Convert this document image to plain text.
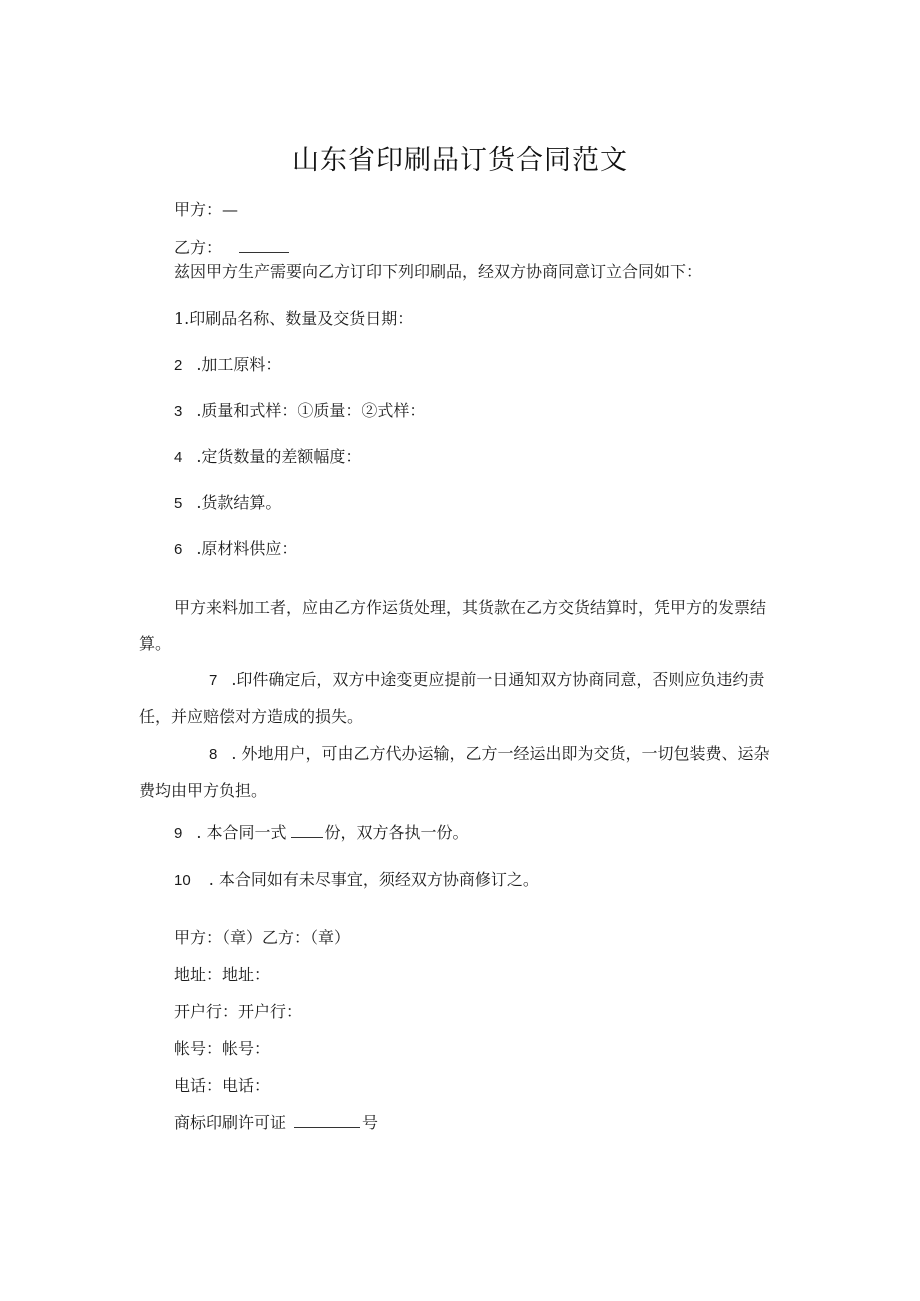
山东省印刷品订货合同范文
甲方：—
乙方：
兹因甲方生产需要向乙方订印下列印刷品，经双方协商同意订立合同如下：
1.印刷品名称、数量及交货日期：
2 .加工原料：
3 .质量和式样：①质量：②式样：
4 .定货数量的差额幅度：
5 .货款结算。
6 .原材料供应：
甲方来料加工者，应由乙方作运货处理，其货款在乙方交货结算时，凭甲方的发票结算。
7 .印件确定后，双方中途变更应提前一日通知双方协商同意，否则应负违约责任，并应赔偿对方造成的损失。
8 . 外地用户，可由乙方代办运输，乙方一经运出即为交货，一切包装费、运杂费均由甲方负担。
9 . 本合同一式 份，双方各执一份。
10 . 本合同如有未尽事宜，须经双方协商修订之。
甲方：（章）乙方：（章）
地址：地址：
开户行：开户行：
帐号：帐号：
电话：电话：
商标印刷许可证	号
